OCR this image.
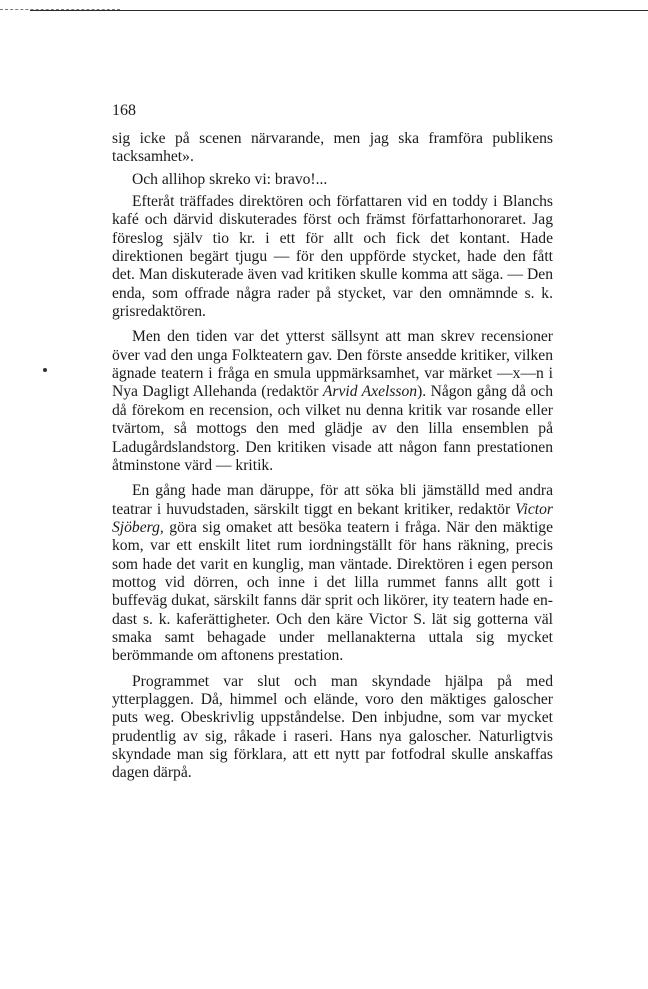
168

sig icke på scenen närvarande, men jag ska framföra publikens tacksamhet».

Och allihop skreko vi: bravo!...

Efteråt träffades direktören och författaren vid en toddy i Blanchs kafé och därvid diskuterades först och främst författarhonoraret. Jag föreslog själv tio kr. i ett för allt och fick det kontant. Hade direktionen begärt tjugu — för den uppförde stycket, hade den fått det. Man diskuterade även vad kritiken skulle komma att säga. — Den enda, som offrade några rader på stycket, var den omnämnde s. k. grisredaktören.

Men den tiden var det ytterst sällsynt att man skrev recensioner över vad den unga Folkteatern gav. Den förste ansedde kritiker, vilken ägnade teatern i fråga en smula uppmärksamhet, var märket —x—n i Nya Dagligt Allehanda (redaktör Arvid Axelsson). Någon gång då och då förekom en recension, och vilket nu denna kritik var rosande eller tvärtom, så mottogs den med glädje av den lilla ensemblen på Ladugårdslandstorg. Den kritiken visade att någon fann prestationen åtminstone värd — kritik.

En gång hade man däruppe, för att söka bli jämställd med andra teatrar i huvudstaden, särskilt tiggt en bekant kritiker, redaktör Victor Sjöberg, göra sig omaket att besöka teatern i fråga. När den mäktige kom, var ett enskilt litet rum iordningställt för hans räkning, precis som hade det varit en kunglig, man väntade. Direktören i egen person mottog vid dörren, och inne i det lilla rummet fanns allt gott i buffeväg dukat, särskilt fanns där sprit och likörer, ity teatern hade endast s. k. kaferättigheter. Och den käre Victor S. lät sig gotterna väl smaka samt behagade under mellanakterna uttala sig mycket berömmande om aftonens prestation.

Programmet var slut och man skyndade hjälpa på med ytterplaggen. Då, himmel och elände, voro den mäktiges galoscher puts weg. Obeskrivlig uppståndelse. Den inbjudne, som var mycket prudentlig av sig, råkade i raseri. Hans nya galoscher. Naturligtvis skyndade man sig förklara, att ett nytt par fotfodral skulle anskaffas dagen därpå.
